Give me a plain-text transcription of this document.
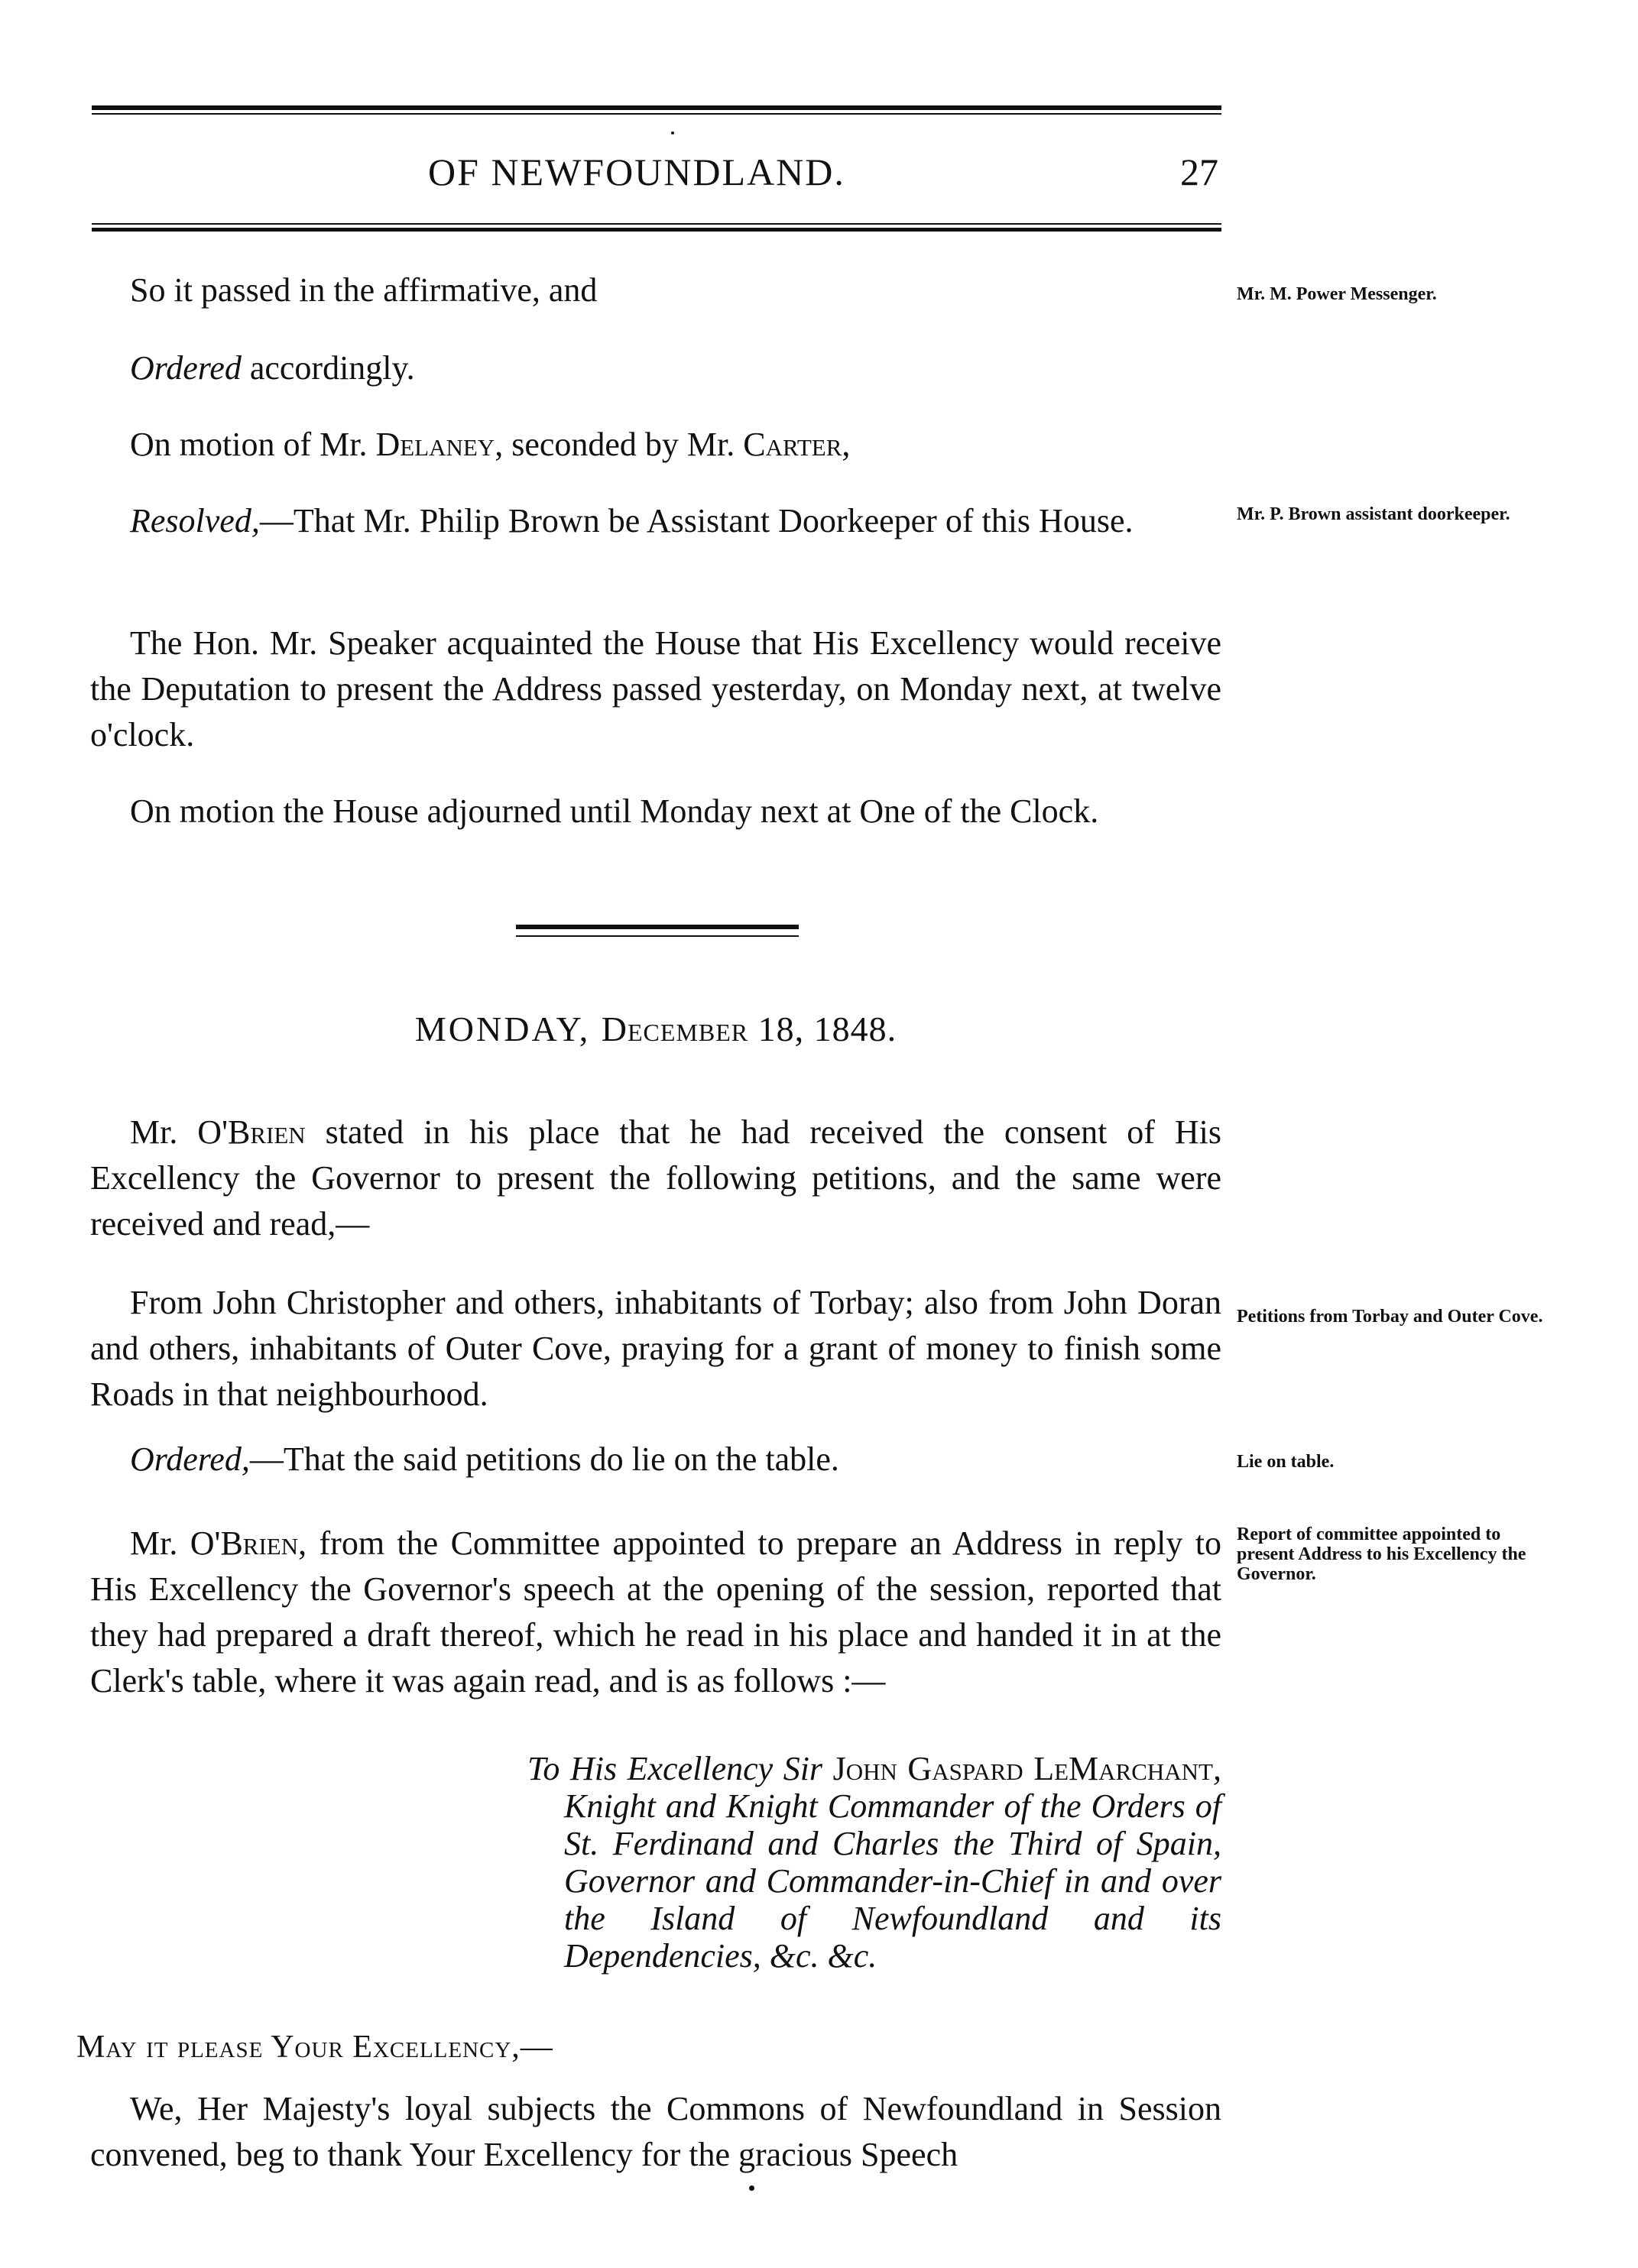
OF NEWFOUNDLAND.	27
So it passed in the affirmative, and
Ordered accordingly.
On motion of Mr. Delaney, seconded by Mr. Carter,
Resolved,—That Mr. Philip Brown be Assistant Doorkeeper of this House.
The Hon. Mr. Speaker acquainted the House that His Excellency would receive the Deputation to present the Address passed yesterday, on Monday next, at twelve o'clock.
On motion the House adjourned until Monday next at One of the Clock.
MONDAY, December 18, 1848.
Mr. O'Brien stated in his place that he had received the consent of His Excellency the Governor to present the following petitions, and the same were received and read,—
From John Christopher and others, inhabitants of Torbay; also from John Doran and others, inhabitants of Outer Cove, praying for a grant of money to finish some Roads in that neighbourhood.
Ordered,—That the said petitions do lie on the table.
Mr. O'Brien, from the Committee appointed to prepare an Address in reply to His Excellency the Governor's speech at the opening of the session, reported that they had prepared a draft thereof, which he read in his place and handed it in at the Clerk's table, where it was again read, and is as follows :—
We, Her Majesty's loyal subjects the Commons of Newfoundland in Session convened, beg to thank Your Excellency for the gracious Speech
To His Excellency Sir John Gaspard LeMarchant, Knight and Knight Commander of the Orders of St. Ferdinand and Charles the Third of Spain, Governor and Commander-in-Chief in and over the Island of Newfoundland and its Dependencies, &c. &c.
May it please Your Excellency,—
Mr. M. Power Messenger.
Mr. P. Brown assistant doorkeeper.
Petitions from Torbay and Outer Cove.
Lie on table.
Report of committee appointed to present Address to his Excellency the Governor.
